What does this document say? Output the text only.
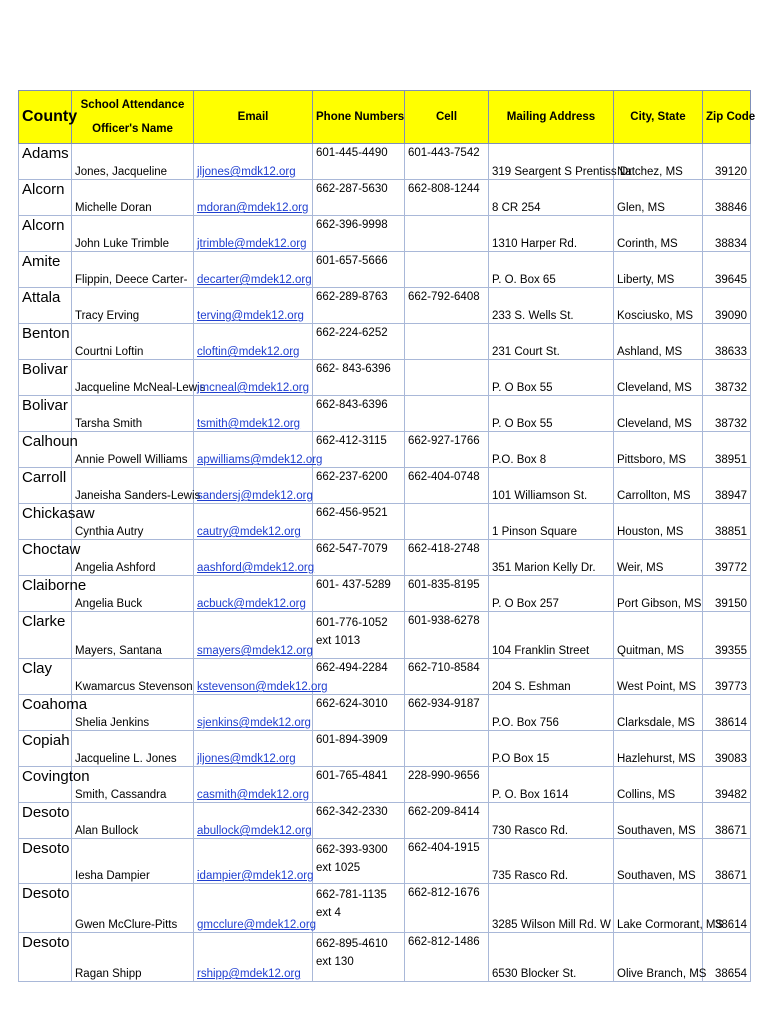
County	School Attendance Officer's Name	Email	Phone Numbers	Cell	Mailing Address	City, State	Zip Code
Adams	Jones, Jacqueline	jljones@mdk12.org	601-445-4490	601-443-7542	319 Seargent S Prentiss Dr	Natchez, MS	39120
Alcorn	Michelle Doran	mdoran@mdek12.org	662-287-5630	662-808-1244	8 CR 254	Glen, MS	38846
Alcorn	John Luke Trimble	jtrimble@mdek12.org	662-396-9998		1310 Harper Rd.	Corinth, MS	38834
Amite	Flippin, Deece Carter-	decarter@mdek12.org	601-657-5666		P. O. Box 65	Liberty, MS	39645
Attala	Tracy Erving	terving@mdek12.org	662-289-8763	662-792-6408	233 S. Wells St.	Kosciusko, MS	39090
Benton	Courtni Loftin	cloftin@mdek12.org	662-224-6252		231 Court St.	Ashland, MS	38633
Bolivar	Jacqueline McNeal-Lewis	jmcneal@mdek12.org	662- 843-6396		P. O Box 55	Cleveland, MS	38732
Bolivar	Tarsha Smith	tsmith@mdek12.org	662-843-6396		P. O Box 55	Cleveland, MS	38732
Calhoun	Annie Powell Williams	apwilliams@mdek12.org	662-412-3115	662-927-1766	P.O. Box 8	Pittsboro, MS	38951
Carroll	Janeisha Sanders-Lewis	sandersj@mdek12.org	662-237-6200	662-404-0748	101 Williamson St.	Carrollton, MS	38947
Chickasaw	Cynthia Autry	cautry@mdek12.org	662-456-9521		1 Pinson Square	Houston, MS	38851
Choctaw	Angelia Ashford	aashford@mdek12.org	662-547-7079	662-418-2748	351 Marion Kelly Dr.	Weir, MS	39772
Claiborne	Angelia Buck	acbuck@mdek12.org	601- 437-5289	601-835-8195	P. O Box 257	Port Gibson, MS	39150
Clarke	Mayers, Santana	smayers@mdek12.org	601-776-1052 ext 1013	601-938-6278	104 Franklin Street	Quitman, MS	39355
Clay	Kwamarcus Stevenson	kstevenson@mdek12.org	662-494-2284	662-710-8584	204 S. Eshman	West Point, MS	39773
Coahoma	Shelia Jenkins	sjenkins@mdek12.org	662-624-3010	662-934-9187	P.O. Box 756	Clarksdale, MS	38614
Copiah	Jacqueline L. Jones	jljones@mdk12.org	601-894-3909		P.O Box 15	Hazlehurst, MS	39083
Covington	Smith, Cassandra	casmith@mdek12.org	601-765-4841	228-990-9656	P. O. Box 1614	Collins, MS	39482
Desoto	Alan Bullock	abullock@mdek12.org	662-342-2330	662-209-8414	730 Rasco Rd.	Southaven, MS	38671
Desoto	Iesha Dampier	idampier@mdek12.org	662-393-9300 ext 1025	662-404-1915	735 Rasco Rd.	Southaven, MS	38671
Desoto	Gwen McClure-Pitts	gmcclure@mdek12.org	662-781-1135 ext 4	662-812-1676	3285 Wilson Mill Rd. W	Lake Cormorant, MS	38614
Desoto	Ragan Shipp	rshipp@mdek12.org	662-895-4610 ext 130	662-812-1486	6530 Blocker St.	Olive Branch, MS	38654
